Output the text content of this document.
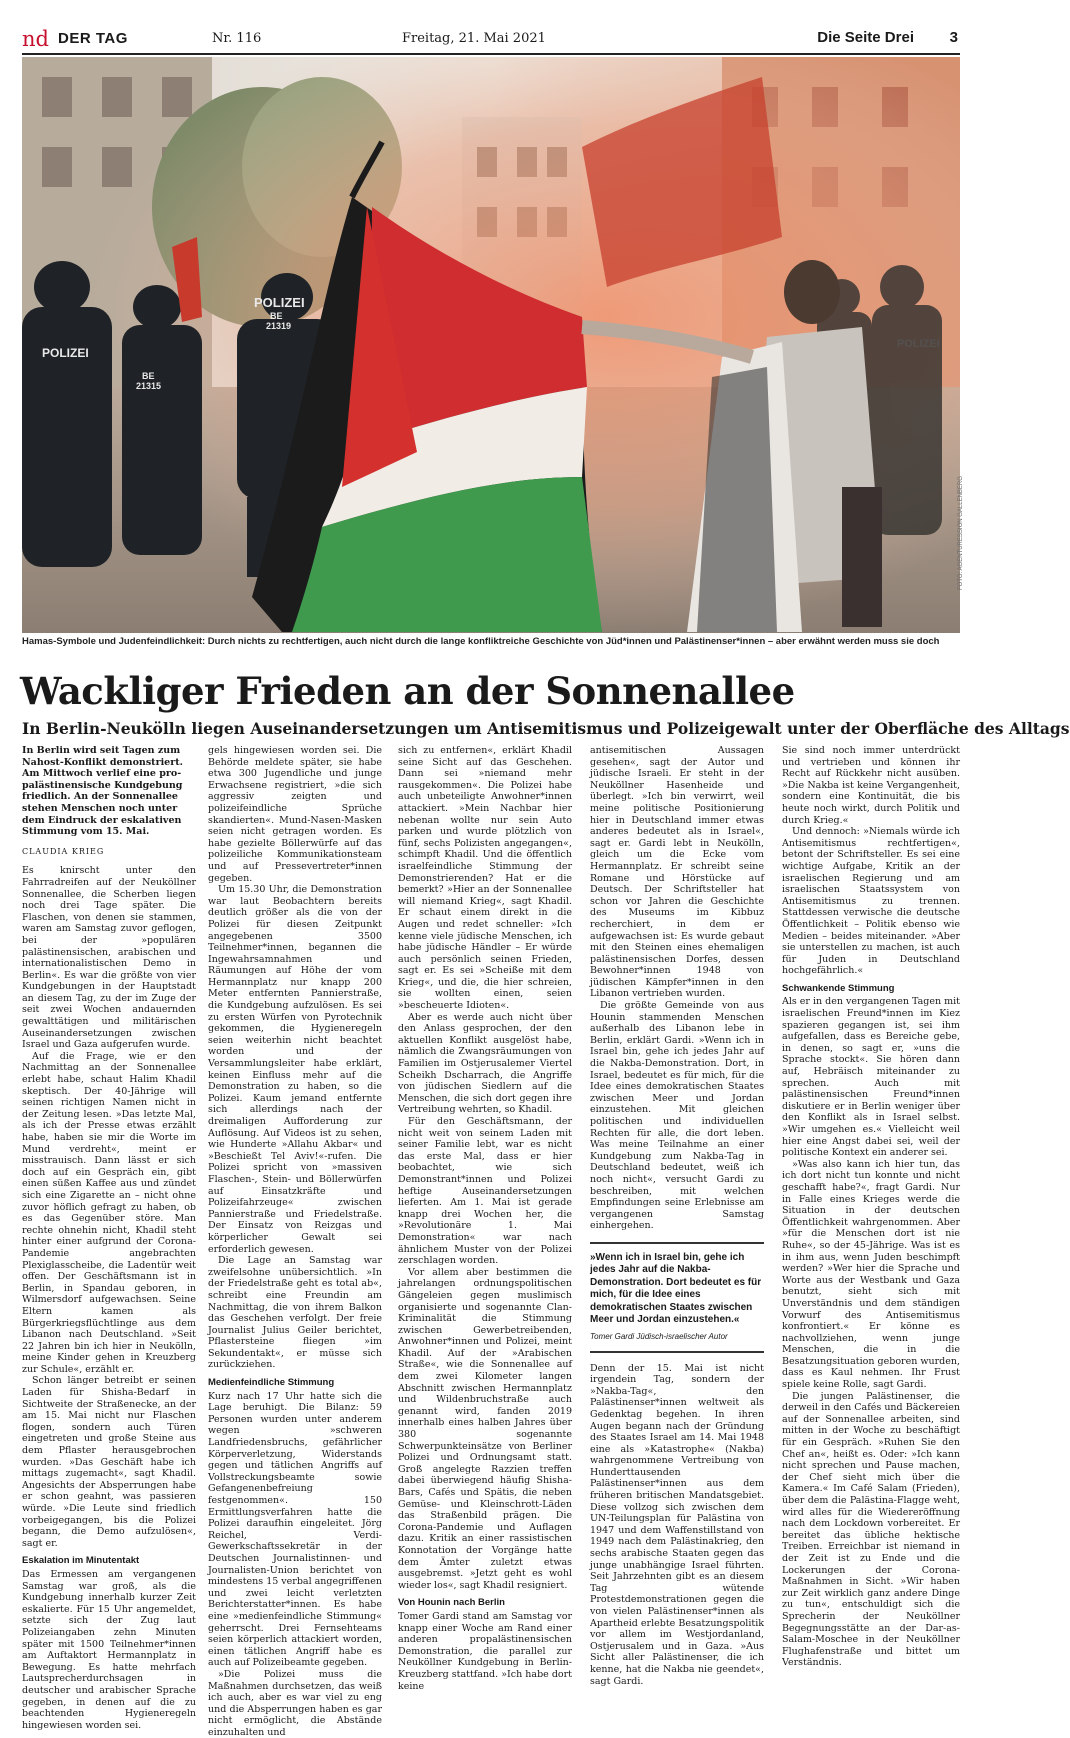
nd DER TAG	Nr. 116	Freitag, 21. Mai 2021	Die Seite Drei 3
POLIZEI
POLIZEI
BE
21319
BE
21315
FOTO: AGENTURESSION GALLENBERG
Hamas-Symbole und Judenfeindlichkeit: Durch nichts zu rechtfertigen, auch nicht durch die lange konfliktreiche Geschichte von Jüd*innen und Palästinenser*innen – aber erwähnt werden muss sie doch
Wackliger Frieden an der Sonnenallee
In Berlin-Neukölln liegen Auseinandersetzungen um Antisemitismus und Polizeigewalt unter der Oberfläche des Alltags
In Berlin wird seit Tagen zum Nahost-Konflikt demonstriert. Am Mittwoch verlief eine pro-palästinensische Kundgebung friedlich. An der Sonnenallee stehen Menschen noch unter dem Eindruck der eskalativen Stimmung vom 15. Mai.
CLAUDIA KRIEG

Es knirscht unter den Fahrradreifen auf der Neuköllner Sonnenallee, die Scherben liegen noch drei Tage später. Die Flaschen, von denen sie stammen, waren am Samstag zuvor geflogen, bei der »populären palästinensischen, arabischen und internationalistischen Demo in Berlin«. Es war die größte von vier Kundgebungen in der Hauptstadt an diesem Tag, zu der im Zuge der seit zwei Wochen andauernden gewalttätigen und militärischen Auseinandersetzungen zwischen Israel und Gaza aufgerufen wurde.

Auf die Frage, wie er den Nachmittag an der Sonnenallee erlebt habe, schaut Halim Khadil skeptisch. Der 40-Jährige will seinen richtigen Namen nicht in der Zeitung lesen. »Das letzte Mal, als ich der Presse etwas erzählt habe, haben sie mir die Worte im Mund verdreht«, meint er misstrauisch. Dann lässt er sich doch auf ein Gespräch ein, gibt einen süßen Kaffee aus und zündet sich eine Zigarette an – nicht ohne zuvor höflich gefragt zu haben, ob es das Gegenüber störe. Man rechte ohnehin nicht, Khadil steht hinter einer aufgrund der Corona-Pandemie angebrachten Plexiglasscheibe, die Ladentür weit offen. Der Geschäftsmann ist in Berlin, in Spandau geboren, in Wilmersdorf aufgewachsen. Seine Eltern kamen als Bürgerkriegsflüchtlinge aus dem Libanon nach Deutschland. »Seit 22 Jahren bin ich hier in Neukölln, meine Kinder gehen in Kreuzberg zur Schule«, erzählt er.

Schon länger betreibt er seinen Laden für Shisha-Bedarf in Sichtweite der Straßenecke, an der am 15. Mai nicht nur Flaschen flogen, sondern auch Türen eingetreten und große Steine aus dem Pflaster herausgebrochen wurden. »Das Geschäft habe ich mittags zugemacht«, sagt Khadil. Angesichts der Absperrungen habe er schon geahnt, was passieren würde. »Die Leute sind friedlich vorbeigegangen, bis die Polizei begann, die Demo aufzulösen«, sagt er.

Eskalation im Minutentakt

Das Ermessen am vergangenen Samstag war groß, als die Kundgebung innerhalb kurzer Zeit eskalierte. Für 15 Uhr angemeldet, setzte sich der Zug laut Polizeiangaben zehn Minuten später mit 1500 Teilnehmer*innen am Auftaktort Hermannplatz in Bewegung. Es hatte mehrfach Lautsprecherdurchsagen in deutscher und arabischer Sprache gegeben, in denen auf die zu beachtenden Hygieneregeln hingewiesen worden sei.

gels hingewiesen worden sei. Die Behörde meldete später, sie habe etwa 300 Jugendliche und junge Erwachsene registriert, »die sich aggressiv zeigten und polizeifeindliche Sprüche skandierten«. Mund-Nasen-Masken seien nicht getragen worden. Es habe gezielte Böllerwürfe auf das polizeiliche Kommunikationsteam und auf Pressevertreter*innen gegeben.

Um 15.30 Uhr, die Demonstration war laut Beobachtern bereits deutlich größer als die von der Polizei für diesen Zeitpunkt angegebenen 3500 Teilnehmer*innen, begannen die Ingewahrsamnahmen und Räumungen auf Höhe der vom Hermannplatz nur knapp 200 Meter entfernten Pannierstraße, die Kundgebung aufzulösen. Es sei zu ersten Würfen von Pyrotechnik gekommen, die Hygieneregeln seien weiterhin nicht beachtet worden und der Versammlungsleiter habe erklärt, keinen Einfluss mehr auf die Demonstration zu haben, so die Polizei. Kaum jemand entfernte sich allerdings nach der dreimaligen Aufforderung zur Auflösung. Auf Videos ist zu sehen, wie Hunderte »Allahu Akbar« und »Beschießt Tel Aviv!«-rufen. Die Polizei spricht von »massiven Flaschen-, Stein- und Böllerwürfen auf Einsatzkräfte und Polizeifahrzeuge« zwischen Pannierstraße und Friedelstraße. Der Einsatz von Reizgas und körperlicher Gewalt sei erforderlich gewesen.

Die Lage an Samstag war zweifelsohne unübersichtlich. »In der Friedelstraße geht es total ab«, schreibt eine Freundin am Nachmittag, die von ihrem Balkon das Geschehen verfolgt. Der freie Journalist Julius Geiler berichtet, Pflastersteine fliegen »im Sekundentakt«, er müsse sich zurückziehen.

Medienfeindliche Stimmung

Kurz nach 17 Uhr hatte sich die Lage beruhigt. Die Bilanz: 59 Personen wurden unter anderem wegen »schweren Landfriedensbruchs, gefährlicher Körperverletzung, Widerstands gegen und tätlichen Angriffs auf Vollstreckungsbeamte sowie Gefangenenbefreiung festgenommen«. 150 Ermittlungsverfahren hatte die Polizei daraufhin eingeleitet. Jörg Reichel, Verdi-Gewerkschaftssekretär in der Deutschen Journalistinnen- und Journalisten-Union berichtet von mindestens 15 verbal angegriffenen und zwei leicht verletzten Berichterstatter*innen. Es habe eine »medienfeindliche Stimmung« geherrscht. Drei Fernsehteams seien körperlich attackiert worden, einen tätlichen Angriff habe es auch auf Polizeibeamte gegeben.

»Die Polizei muss die Maßnahmen durchsetzen, das weiß ich auch, aber es war viel zu eng und die Absperrungen haben es gar nicht ermöglicht, die Abstände einzuhalten und

sich zu entfernen«, erklärt Khadil seine Sicht auf das Geschehen. Dann sei »niemand mehr rausgekommen«. Die Polizei habe auch unbeteiligte Anwohner*innen attackiert. »Mein Nachbar hier nebenan wollte nur sein Auto parken und wurde plötzlich von fünf, sechs Polizisten angegangen«, schimpft Khadil. Und die öffentlich israelfeindliche Stimmung der Demonstrierenden? Hat er die bemerkt? »Hier an der Sonnenallee will niemand Krieg«, sagt Khadil. Er schaut einem direkt in die Augen und redet schneller: »Ich kenne viele jüdische Menschen, ich habe jüdische Händler – Er würde auch persönlich seinen Frieden, sagt er. Es sei »Scheiße mit dem Krieg«, und die, die hier schreien, sie wollten einen, seien »bescheuerte Idioten«.

Aber es werde auch nicht über den Anlass gesprochen, der den aktuellen Konflikt ausgelöst habe, nämlich die Zwangsräumungen von Familien im Ostjerusalemer Viertel Scheikh Dscharrach, die Angriffe von jüdischen Siedlern auf die Menschen, die sich dort gegen ihre Vertreibung wehrten, so Khadil.

Für den Geschäftsmann, der nicht weit von seinem Laden mit seiner Familie lebt, war es nicht das erste Mal, dass er hier beobachtet, wie sich Demonstrant*innen und Polizei heftige Auseinandersetzungen lieferten. Am 1. Mai ist gerade knapp drei Wochen her, die »Revolutionäre 1. Mai Demonstration« war nach ähnlichem Muster von der Polizei zerschlagen worden.

Vor allem aber bestimmen die jahrelangen ordnungspolitischen Gängeleien gegen muslimisch organisierte und sogenannte Clan-Kriminalität die Stimmung zwischen Gewerbetreibenden, Anwohner*innen und Polizei, meint Khadil. Auf der »Arabischen Straße«, wie die Sonnenallee auf dem zwei Kilometer langen Abschnitt zwischen Hermannplatz und Wildenbruchstraße auch genannt wird, fanden 2019 innerhalb eines halben Jahres über 380 sogenannte Schwerpunkteinsätze von Berliner Polizei und Ordnungsamt statt. Groß angelegte Razzien treffen dabei überwiegend häufig Shisha-Bars, Cafés und Spätis, die neben Gemüse- und Kleinschrott-Läden das Straßenbild prägen. Die Corona-Pandemie und Auflagen dazu. Kritik an einer rassistischen Konnotation der Vorgänge hatte dem Ämter zuletzt etwas ausgebremst. »Jetzt geht es wohl wieder los«, sagt Khadil resigniert.

Von Hounin nach Berlin

Tomer Gardi stand am Samstag vor knapp einer Woche am Rand einer anderen propalästinensischen Demonstration, die parallel zur Neuköllner Kundgebung in Berlin-Kreuzberg stattfand. »Ich habe dort keine

antisemitischen Aussagen gesehen«, sagt der Autor und jüdische Israeli. Er steht in der Neuköllner Hasenheide und überlegt. »Ich bin verwirrt, weil meine politische Positionierung hier in Deutschland immer etwas anderes bedeutet als in Israel«, sagt er. Gardi lebt in Neukölln, gleich um die Ecke vom Hermannplatz. Er schreibt seine Romane und Hörstücke auf Deutsch. Der Schriftsteller hat schon vor Jahren die Geschichte des Museums im Kibbuz recherchiert, in dem er aufgewachsen ist: Es wurde gebaut mit den Steinen eines ehemaligen palästinensischen Dorfes, dessen Bewohner*innen 1948 von jüdischen Kämpfer*innen in den Libanon vertrieben wurden.

Die größte Gemeinde von aus Hounin stammenden Menschen außerhalb des Libanon lebe in Berlin, erklärt Gardi. »Wenn ich in Israel bin, gehe ich jedes Jahr auf die Nakba-Demonstration. Dort, in Israel, bedeutet es für mich, für die Idee eines demokratischen Staates zwischen Meer und Jordan einzustehen. Mit gleichen politischen und individuellen Rechten für alle, die dort leben. Was meine Teilnahme an einer Kundgebung zum Nakba-Tag in Deutschland bedeutet, weiß ich noch nicht«, versucht Gardi zu beschreiben, mit welchen Empfindungen seine Erlebnisse am vergangenen Samstag einhergehen.

»Wenn ich in Israel bin, gehe ich jedes Jahr auf die Nakba-Demonstration. Dort bedeutet es für mich, für die Idee eines demokratischen Staates zwischen Meer und Jordan einzustehen.«
Tomer Gardi Jüdisch-israelischer Autor

Denn der 15. Mai ist nicht irgendein Tag, sondern der »Nakba-Tag«, den Palästinenser*innen weltweit als Gedenktag begehen. In ihren Augen begann nach der Gründung des Staates Israel am 14. Mai 1948 eine als »Katastrophe« (Nakba) wahrgenommene Vertreibung von Hunderttausenden Palästinenser*innen aus dem früheren britischen Mandatsgebiet. Diese vollzog sich zwischen dem UN-Teilungsplan für Palästina von 1947 und dem Waffenstillstand von 1949 nach dem Palästinakrieg, den sechs arabische Staaten gegen das junge unabhängige Israel führten. Seit Jahrzehnten gibt es an diesem Tag wütende Protestdemonstrationen gegen die von vielen Palästinenser*innen als Apartheid erlebte Besatzungspolitik vor allem im Westjordanland, Ostjerusalem und in Gaza. »Aus Sicht aller Palästinenser, die ich kenne, hat die Nakba nie geendet«, sagt Gardi.

Sie sind noch immer unterdrückt und vertrieben und können ihr Recht auf Rückkehr nicht ausüben. »Die Nakba ist keine Vergangenheit, sondern eine Kontinuität, die bis heute noch wirkt, durch Politik und durch Krieg.«

Und dennoch: »Niemals würde ich Antisemitismus rechtfertigen«, betont der Schriftsteller. Es sei eine wichtige Aufgabe, Kritik an der israelischen Regierung und am israelischen Staatssystem von Antisemitismus zu trennen. Stattdessen verwische die deutsche Öffentlichkeit – Politik ebenso wie Medien – beides miteinander. »Aber sie unterstellen zu machen, ist auch für Juden in Deutschland hochgefährlich.«

Schwankende Stimmung

Als er in den vergangenen Tagen mit israelischen Freund*innen im Kiez spazieren gegangen ist, sei ihm aufgefallen, dass es Bereiche gebe, in denen, so sagt er, »uns die Sprache stockt«. Sie hören dann auf, Hebräisch miteinander zu sprechen. Auch mit palästinensischen Freund*innen diskutiere er in Berlin weniger über den Konflikt als in Israel selbst. »Wir umgehen es.« Vielleicht weil hier eine Angst dabei sei, weil der politische Kontext ein anderer sei.

»Was also kann ich hier tun, das ich dort nicht tun konnte und nicht geschafft habe?«, fragt Gardi. Nur in Falle eines Krieges werde die Situation in der deutschen Öffentlichkeit wahrgenommen. Aber »für die Menschen dort ist nie Ruhe«, so der 45-Jährige. Was ist es in ihm aus, wenn Juden beschimpft werden? »Wer hier die Sprache und Worte aus der Westbank und Gaza benutzt, sieht sich mit Unverständnis und dem ständigen Vorwurf des Antisemitismus konfrontiert.« Er könne es nachvollziehen, wenn junge Menschen, die in die Besatzungsituation geboren wurden, dass es Kaul nehmen. Ihr Frust spiele keine Rolle, sagt Gardi.

Die jungen Palästinenser, die derweil in den Cafés und Bäckereien auf der Sonnenallee arbeiten, sind mitten in der Woche zu beschäftigt für ein Gespräch. »Ruhen Sie den Chef an«, heißt es. Oder: »Ich kann nicht sprechen und Pause machen, der Chef sieht mich über die Kamera.« Im Café Salam (Frieden), über dem die Palästina-Flagge weht, wird alles für die Wiedereröffnung nach dem Lockdown vorbereitet. Er bereitet das übliche hektische Treiben. Erreichbar ist niemand in der Zeit ist zu Ende und die Lockerungen der Corona-Maßnahmen in Sicht. »Wir haben zur Zeit wirklich ganz andere Dinge zu tun«, entschuldigt sich die Sprecherin der Neuköllner Begegnungsstätte an der Dar-as-Salam-Moschee in der Neuköllner Flughafenstraße und bittet um Verständnis.
